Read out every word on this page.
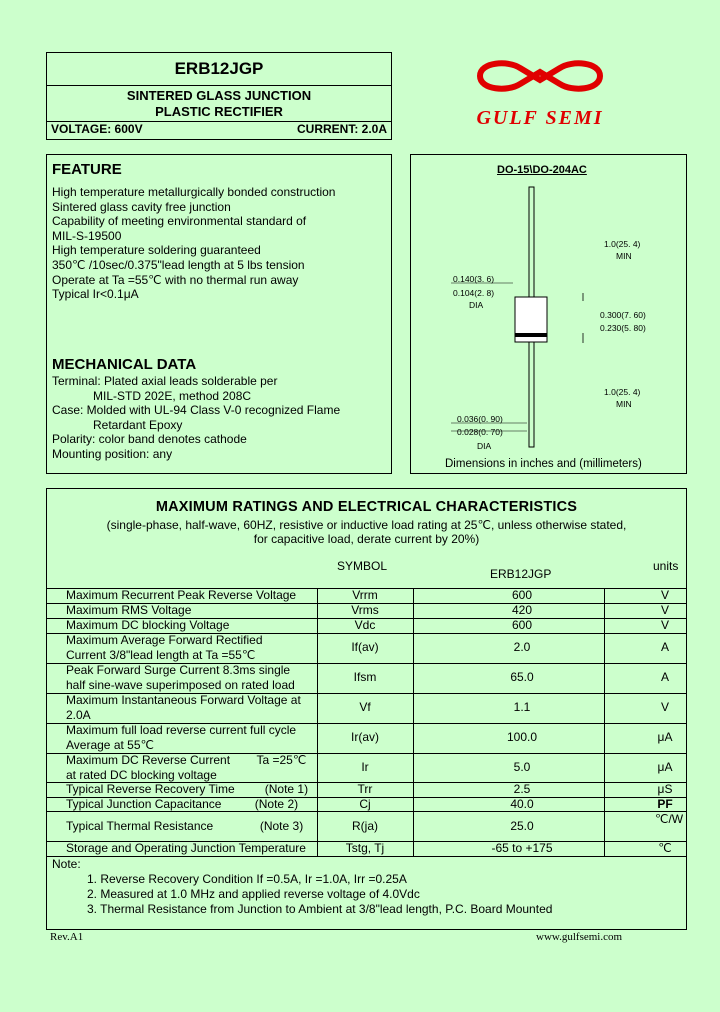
ERB12JGP
SINTERED GLASS JUNCTION
PLASTIC RECTIFIER
VOLTAGE: 600V	CURRENT: 2.0A	GULF SEMI
FEATURE
High temperature metallurgically bonded construction
Sintered glass cavity free junction
Capability of meeting environmental standard of
MIL-S-19500
High temperature soldering guaranteed
350℃ /10sec/0.375"lead length at 5 lbs tension
Operate at Ta =55℃ with no thermal run away
Typical Ir<0.1μA
MECHANICAL DATA
Terminal: Plated axial leads solderable per
MIL-STD 202E, method 208C
Case: Molded with UL-94 Class V-0 recognized Flame
Retardant Epoxy
Polarity: color band denotes cathode
Mounting position: any
DO-15\DO-204AC
1.0(25. 4)
MIN
0.140(3. 6)
0.104(2. 8)
DIA
0.300(7. 60)
0.230(5. 80)
1.0(25. 4)
MIN
0.036(0. 90)
0.028(0. 70)
DIA
Dimensions in inches and (millimeters)
MAXIMUM RATINGS AND ELECTRICAL CHARACTERISTICS
(single-phase, half-wave, 60HZ, resistive or inductive load rating at 25℃, unless otherwise stated,
for capacitive load, derate current by 20%)
SYMBOL
ERB12JGP
units
Maximum Recurrent Peak Reverse Voltage	Vrrm	600	V
Maximum RMS Voltage	Vrms	420	V
Maximum DC blocking Voltage	Vdc	600	V
Maximum Average Forward Rectified
Current 3/8"lead length at Ta =55℃
If(av)	2.0	A
Peak Forward Surge Current 8.3ms single
half sine-wave superimposed on rated load
Ifsm	65.0	A
Maximum Instantaneous Forward Voltage at
2.0A
Vf	1.1	V
Maximum full load reverse current full cycle
Average at 55℃
Ir(av)	100.0	μA
Maximum DC Reverse Current        Ta =25℃
at rated DC blocking voltage
Ir	5.0	μA
Typical Reverse Recovery Time         (Note 1)	Trr	2.5	μS
Typical Junction Capacitance          (Note 2)	Cj	40.0	PF
Typical Thermal Resistance              (Note 3)	R(ja)	25.0	℃/W
Storage and Operating Junction Temperature	Tstg, Tj	-65 to +175	℃
Note:
1. Reverse Recovery Condition If =0.5A, Ir =1.0A, Irr =0.25A
2. Measured at 1.0 MHz and applied reverse voltage of 4.0Vdc
3. Thermal Resistance from Junction to Ambient at 3/8"lead length, P.C. Board Mounted
Rev.A1	www.gulfsemi.com
